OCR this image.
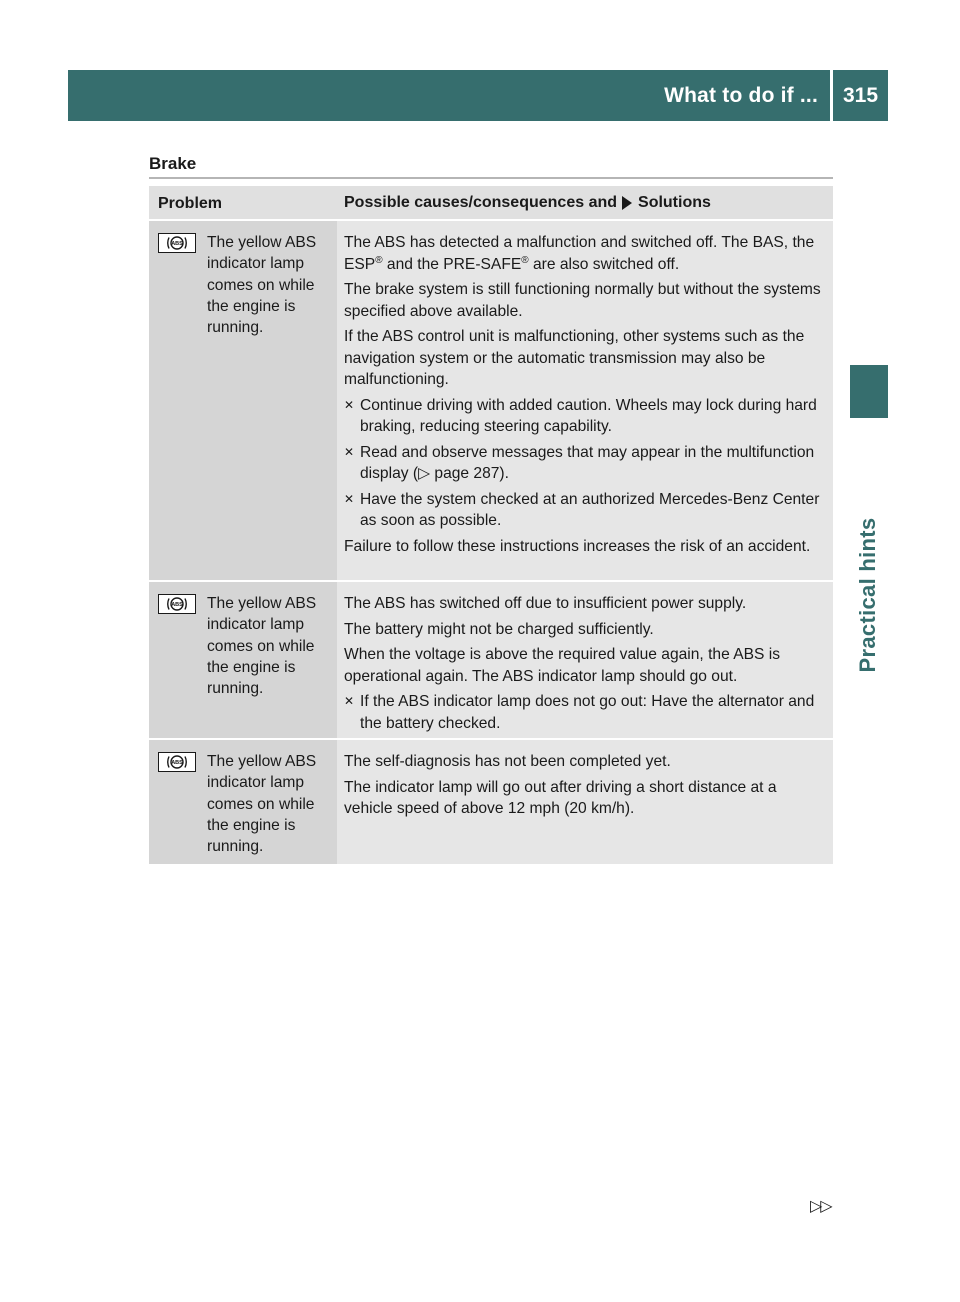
What to do if ...	315
Practical hints
Brake
Problem	Possible causes/consequences and Solutions
ABS The yellow ABS indicator lamp comes on while the engine is running.
The ABS has detected a malfunction and switched off. The BAS, the ESP® and the PRE-SAFE® are also switched off.
The brake system is still functioning normally but without the systems specified above available.
If the ABS control unit is malfunctioning, other systems such as the navigation system or the automatic transmission may also be malfunctioning.
✕ Continue driving with added caution. Wheels may lock during hard braking, reducing steering capability.
✕ Read and observe messages that may appear in the multifunction display (▷ page 287).
✕ Have the system checked at an authorized Mercedes-Benz Center as soon as possible.
Failure to follow these instructions increases the risk of an accident.
ABS The yellow ABS indicator lamp comes on while the engine is running.
The ABS has switched off due to insufficient power supply.
The battery might not be charged sufficiently.
When the voltage is above the required value again, the ABS is operational again. The ABS indicator lamp should go out.
✕ If the ABS indicator lamp does not go out: Have the alternator and the battery checked.
ABS The yellow ABS indicator lamp comes on while the engine is running.
The self-diagnosis has not been completed yet.
The indicator lamp will go out after driving a short distance at a vehicle speed of above 12 mph (20 km/h).
▷▷
